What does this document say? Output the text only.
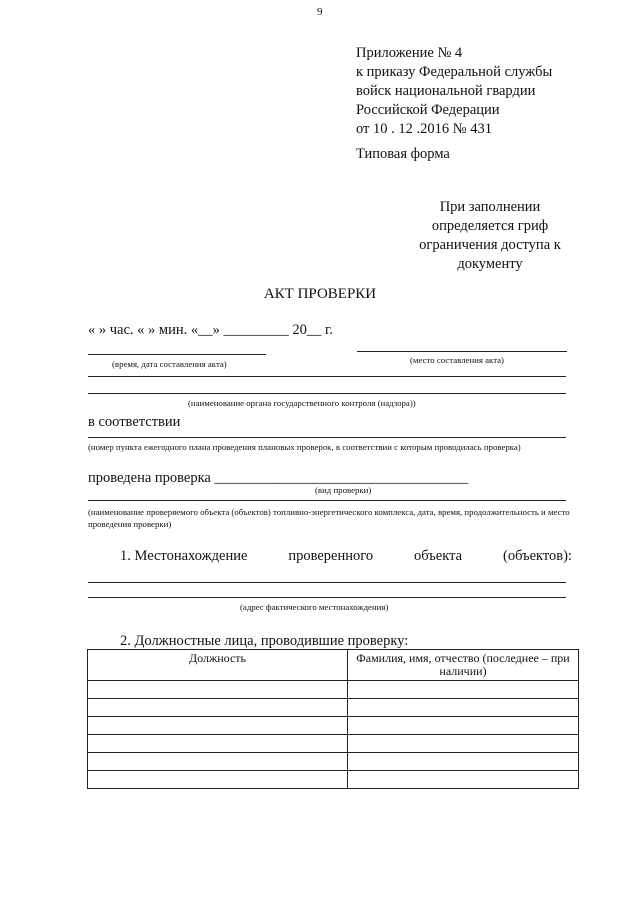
9
Приложение № 4
к приказу Федеральной службы
войск национальной гвардии
Российской Федерации
от 10 . 12 .2016 № 431
Типовая форма
При заполнении определяется гриф ограничения доступа к документу
АКТ ПРОВЕРКИ
« » час. « » мин. «__» _________ 20__ г.
(время, дата составления акта)	(место составления акта)
(наименование органа государственного контроля (надзора))
в соответствии
(номер пункта ежегодного плана проведения плановых проверок, в соответствии с которым проводилась проверка)
проведена проверка ___________________________________
(вид проверки)
(наименование проверяемого объекта (объектов) топливно-энергетического комплекса, дата, время, продолжительность и место проведения проверки)
1. Местонахождение	проверенного	объекта	(объектов):
(адрес фактического местонахождения)
2. Должностные лица, проводившие проверку:
Должность	Фамилия, имя, отчество (последнее – при наличии)
